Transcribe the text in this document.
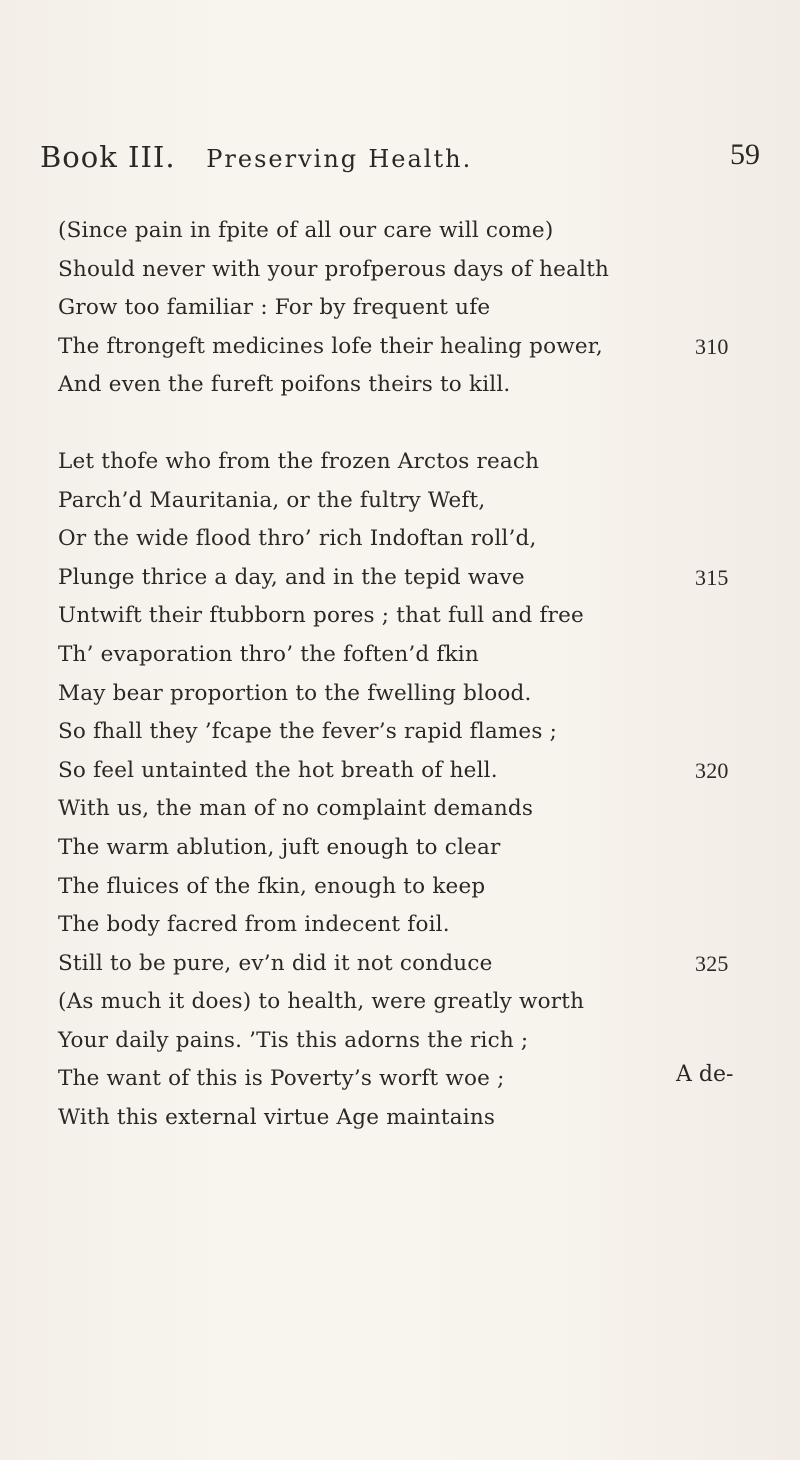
Book III. Preserving Health.	59
(Since pain in fpite of all our care will come)
Should never with your profperous days of health
Grow too familiar : For by frequent ufe
The ftrongeft medicines lofe their healing power,	310
And even the fureft poifons theirs to kill.
Let thofe who from the frozen Arctos reach
Parch’d Mauritania, or the fultry Weft,
Or the wide flood thro’ rich Indoftan roll’d,
Plunge thrice a day, and in the tepid wave	315
Untwift their ftubborn pores ; that full and free
Th’ evaporation thro’ the foften’d fkin
May bear proportion to the fwelling blood.
So fhall they ’fcape the fever’s rapid flames ;
So feel untainted the hot breath of hell.	320
With us, the man of no complaint demands
The warm ablution, juft enough to clear
The fluices of the fkin, enough to keep
The body facred from indecent foil.
Still to be pure, ev’n did it not conduce	325
(As much it does) to health, were greatly worth
Your daily pains. ’Tis this adorns the rich ;
The want of this is Poverty’s worft woe ;
With this external virtue Age maintains
A de-
